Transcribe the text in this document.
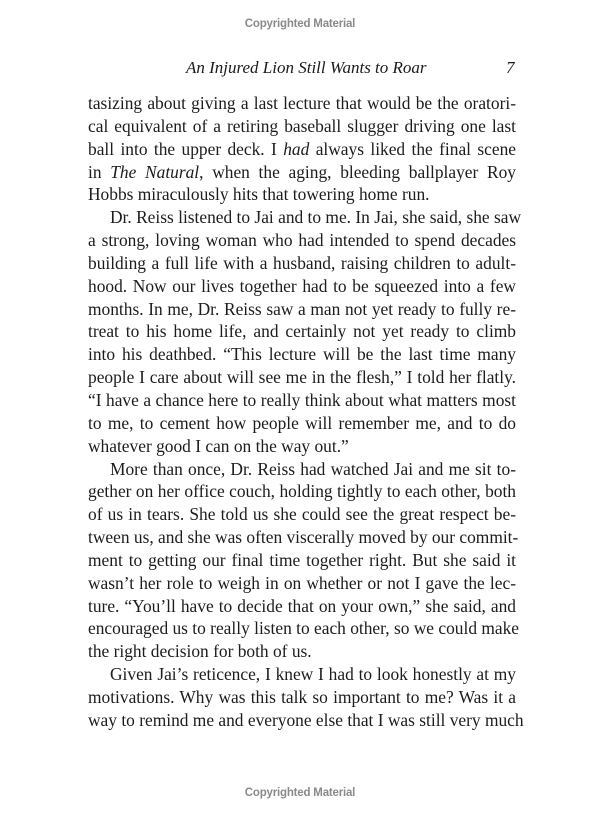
Copyrighted Material
An Injured Lion Still Wants to Roar	7
tasizing about giving a last lecture that would be the oratori-
cal equivalent of a retiring baseball slugger driving one last
ball into the upper deck. I had always liked the final scene
in The Natural, when the aging, bleeding ballplayer Roy
Hobbs miraculously hits that towering home run.
Dr. Reiss listened to Jai and to me. In Jai, she said, she saw
a strong, loving woman who had intended to spend decades
building a full life with a husband, raising children to adult-
hood. Now our lives together had to be squeezed into a few
months. In me, Dr. Reiss saw a man not yet ready to fully re-
treat to his home life, and certainly not yet ready to climb
into his deathbed. “This lecture will be the last time many
people I care about will see me in the flesh,” I told her flatly.
“I have a chance here to really think about what matters most
to me, to cement how people will remember me, and to do
whatever good I can on the way out.”
More than once, Dr. Reiss had watched Jai and me sit to-
gether on her office couch, holding tightly to each other, both
of us in tears. She told us she could see the great respect be-
tween us, and she was often viscerally moved by our commit-
ment to getting our final time together right. But she said it
wasn’t her role to weigh in on whether or not I gave the lec-
ture. “You’ll have to decide that on your own,” she said, and
encouraged us to really listen to each other, so we could make
the right decision for both of us.
Given Jai’s reticence, I knew I had to look honestly at my
motivations. Why was this talk so important to me? Was it a
way to remind me and everyone else that I was still very much
Copyrighted Material
